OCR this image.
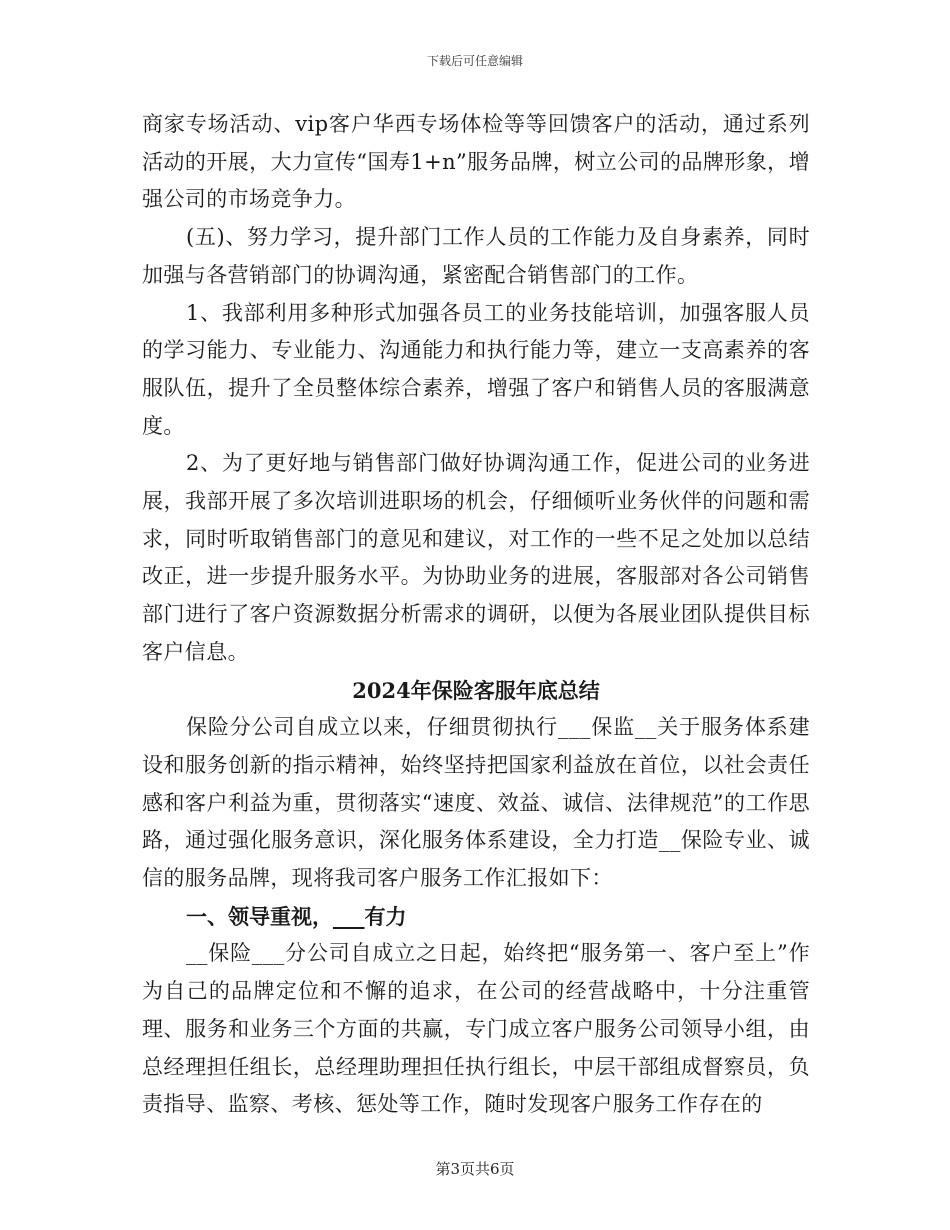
下载后可任意编辑

商家专场活动、vip客户华西专场体检等等回馈客户的活动，通过系列活动的开展，大力宣传“国寿1+n”服务品牌，树立公司的品牌形象，增强公司的市场竞争力。

(五)、努力学习，提升部门工作人员的工作能力及自身素养，同时加强与各营销部门的协调沟通，紧密配合销售部门的工作。

1、我部利用多种形式加强各员工的业务技能培训，加强客服人员的学习能力、专业能力、沟通能力和执行能力等，建立一支高素养的客服队伍，提升了全员整体综合素养，增强了客户和销售人员的客服满意度。

2、为了更好地与销售部门做好协调沟通工作，促进公司的业务进展，我部开展了多次培训进职场的机会，仔细倾听业务伙伴的问题和需求，同时听取销售部门的意见和建议，对工作的一些不足之处加以总结改正，进一步提升服务水平。为协助业务的进展，客服部对各公司销售部门进行了客户资源数据分析需求的调研，以便为各展业团队提供目标客户信息。

2024年保险客服年底总结

保险分公司自成立以来，仔细贯彻执行___保监__关于服务体系建设和服务创新的指示精神，始终坚持把国家利益放在首位，以社会责任感和客户利益为重，贯彻落实“速度、效益、诚信、法律规范”的工作思路，通过强化服务意识，深化服务体系建设，全力打造__保险专业、诚信的服务品牌，现将我司客户服务工作汇报如下：

一、领导重视，___有力

__保险___分公司自成立之日起，始终把“服务第一、客户至上”作为自己的品牌定位和不懈的追求，在公司的经营战略中，十分注重管理、服务和业务三个方面的共赢，专门成立客户服务公司领导小组，由总经理担任组长，总经理助理担任执行组长，中层干部组成督察员，负责指导、监察、考核、惩处等工作，随时发现客户服务工作存在的

第3页共6页
